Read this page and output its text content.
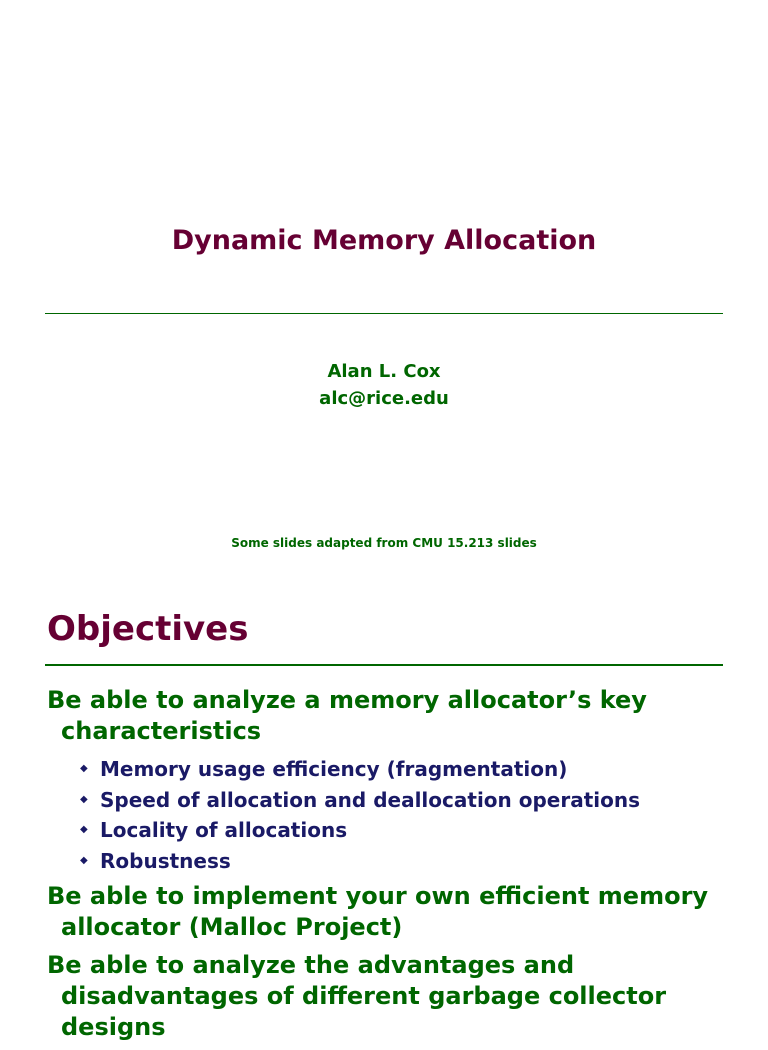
Dynamic Memory Allocation
Alan L. Cox
alc@rice.edu
Some slides adapted from CMU 15.213 slides
Objectives
Be able to analyze a memory allocator’s key characteristics
◆ Memory usage efficiency (fragmentation)
◆ Speed of allocation and deallocation operations
◆ Locality of allocations
◆ Robustness
Be able to implement your own efficient memory allocator (Malloc Project)
Be able to analyze the advantages and disadvantages of different garbage collector designs
